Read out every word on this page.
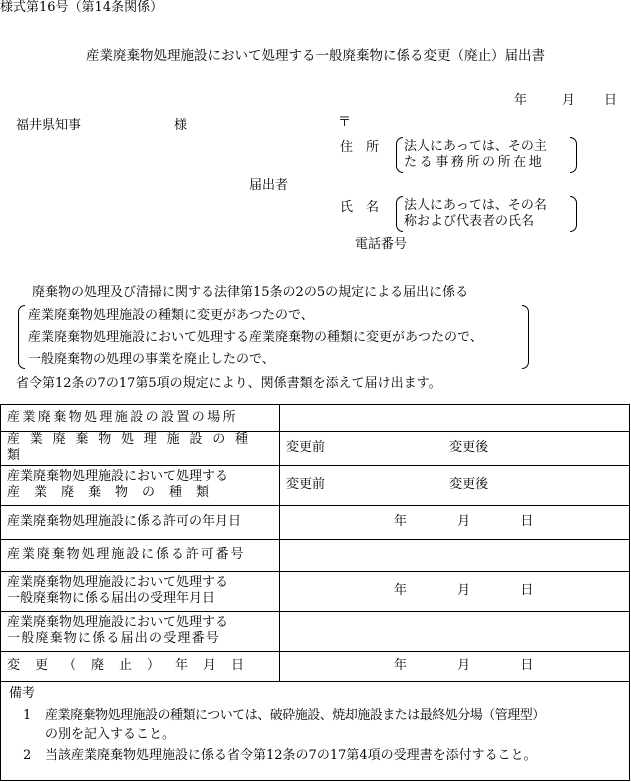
様式第16号（第14条関係）
産業廃棄物処理施設において処理する一般廃棄物に係る変更（廃止）届出書
年	月 日
福井県知事	様	〒
住　所 法人にあっては、その主
たる事務所の所在地
届出者
氏　名 法人にあっては、その名
称および代表者の氏名
電話番号
廃棄物の処理及び清掃に関する法律第15条の2の5の規定による届出に係る
産業廃棄物処理施設の種類に変更があつたので、
産業廃棄物処理施設において処理する産業廃棄物の種類に変更があつたので、
一般廃棄物の処理の事業を廃止したので、
省令第12条の7の17第5項の規定により、関係書類を添えて届け出ます。
産業廃棄物処理施設の設置の場所	

産業廃棄物処理施設の種類	変更前 変更後

産業廃棄物処理施設において処理する
産業廃棄物の種類	変更前 変更後
産業廃棄物処理施設に係る許可の年月日	年 月 日
産業廃棄物処理施設に係る許可番号	

産業廃棄物処理施設において処理する
一般廃棄物に係る届出の受理年月日	年 月 日

産業廃棄物処理施設において処理する
一般廃棄物に係る届出の受理番号	

変更（廃止）年月日	年 月 日
備考
1 産業廃棄物処理施設の種類については、破砕施設、焼却施設または最終処分場（管理型）
の別を記入すること。
2 当該産業廃棄物処理施設に係る省令第12条の7の17第4項の受理書を添付すること。
